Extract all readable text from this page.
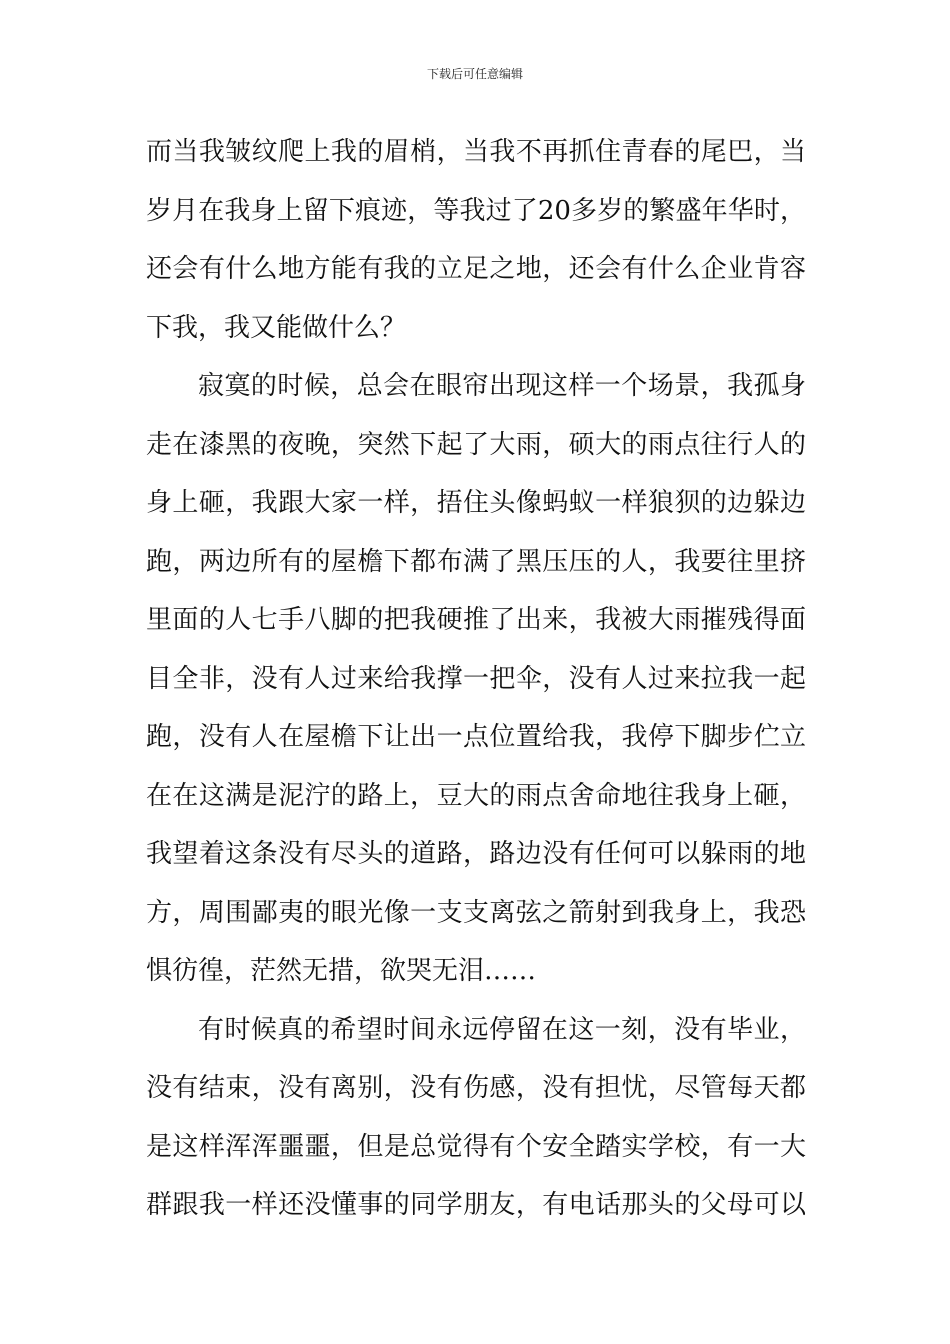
下载后可任意编辑
而当我皱纹爬上我的眉梢，当我不再抓住青春的尾巴，当
岁月在我身上留下痕迹，等我过了20多岁的繁盛年华时，
还会有什么地方能有我的立足之地，还会有什么企业肯容
下我，我又能做什么？
寂寞的时候，总会在眼帘出现这样一个场景，我孤身
走在漆黑的夜晚，突然下起了大雨，硕大的雨点往行人的
身上砸，我跟大家一样，捂住头像蚂蚁一样狼狈的边躲边
跑，两边所有的屋檐下都布满了黑压压的人，我要往里挤
里面的人七手八脚的把我硬推了出来，我被大雨摧残得面
目全非，没有人过来给我撑一把伞，没有人过来拉我一起
跑，没有人在屋檐下让出一点位置给我，我停下脚步伫立
在在这满是泥泞的路上，豆大的雨点舍命地往我身上砸，
我望着这条没有尽头的道路，路边没有任何可以躲雨的地
方，周围鄙夷的眼光像一支支离弦之箭射到我身上，我恐
惧彷徨，茫然无措，欲哭无泪……
有时候真的希望时间永远停留在这一刻，没有毕业，
没有结束，没有离别，没有伤感，没有担忧，尽管每天都
是这样浑浑噩噩，但是总觉得有个安全踏实学校，有一大
群跟我一样还没懂事的同学朋友，有电话那头的父母可以
